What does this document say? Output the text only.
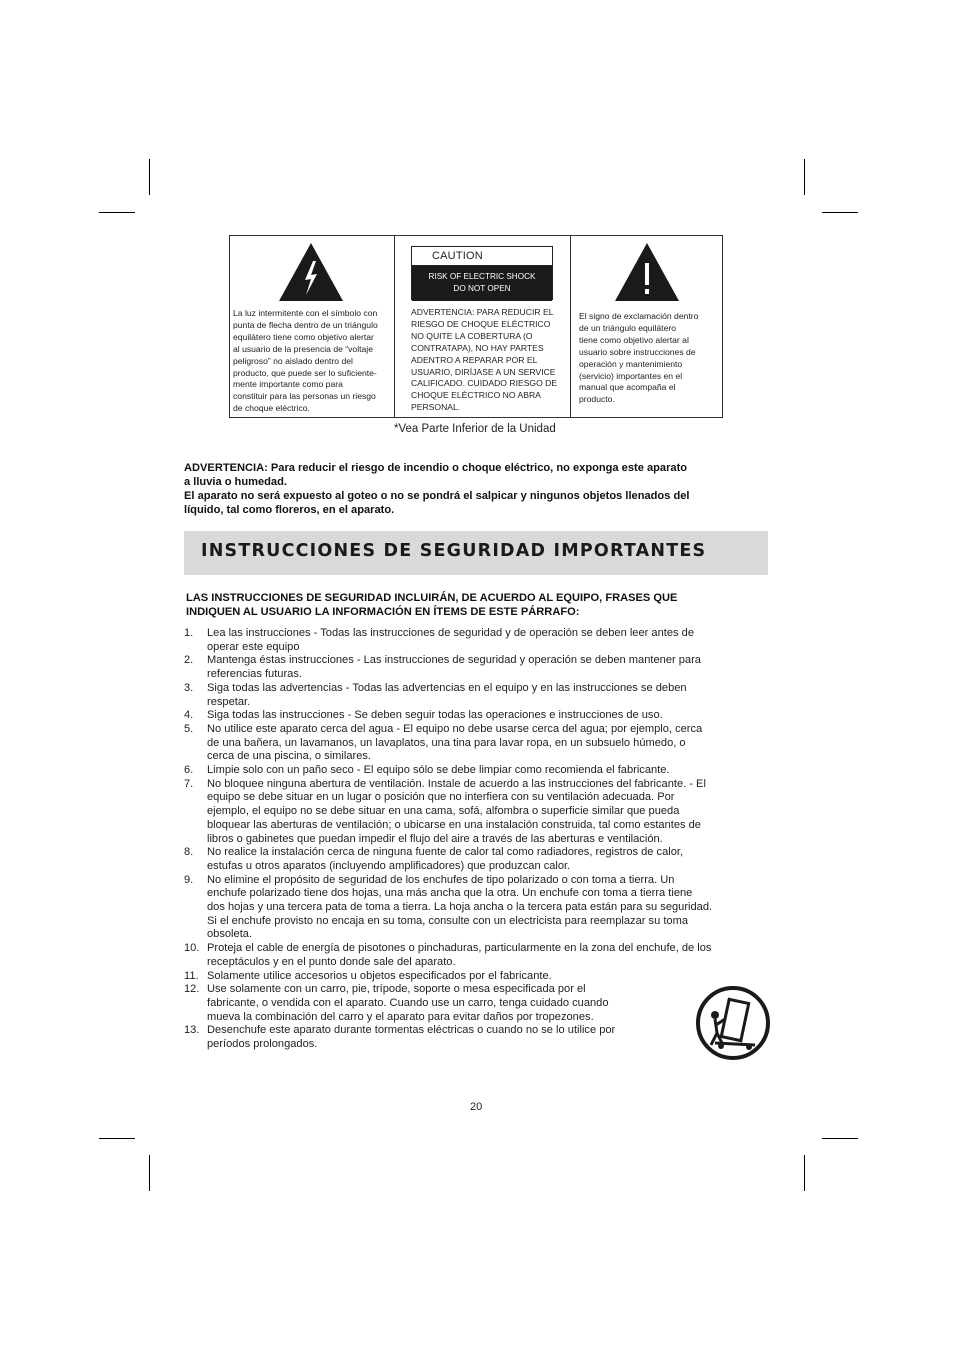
La luz intermitente con el símbolo con
punta de flecha dentro de un triángulo
equilátero tiene como objetivo alertar
al usuario de la presencia de “voltaje
peligroso” no aislado dentro del
producto, que puede ser lo suficiente-
mente importante como para
constituir para las personas un riesgo
de choque eléctrico.
CAUTION
RISK OF ELECTRIC SHOCK
DO NOT OPEN
ADVERTENCIA: PARA REDUCIR EL
RIESGO DE CHOQUE ELÉCTRICO
NO QUITE LA COBERTURA (O
CONTRATAPA), NO HAY PARTES
ADENTRO A REPARAR POR EL
USUARIO, DIRÍJASE A UN SERVICE
CALIFICADO. CUIDADO RIESGO DE
CHOQUE ELÉCTRICO NO ABRA
PERSONAL.
El signo de exclamación dentro
de un triángulo equilátero
tiene como objetivo alertar al
usuario sobre instrucciones de
operación y mantenimiento
(servicio) importantes en el
manual que acompaña el
producto.
*Vea Parte Inferior de la Unidad
ADVERTENCIA: Para reducir el riesgo de incendio o choque eléctrico, no exponga este aparato
a lluvia o humedad.
El aparato no será expuesto al goteo o no se pondrá el salpicar y ningunos objetos llenados del
líquido, tal como floreros, en el aparato.
INSTRUCCIONES DE SEGURIDAD IMPORTANTES
LAS INSTRUCCIONES DE SEGURIDAD INCLUIRÁN, DE ACUERDO AL EQUIPO, FRASES QUE
INDIQUEN AL USUARIO LA INFORMACIÓN EN ÍTEMS DE ESTE PÁRRAFO:
1. Lea las instrucciones - Todas las instrucciones de seguridad y de operación se deben leer antes de
operar este equipo
2. Mantenga éstas instrucciones - Las instrucciones de seguridad y operación se deben mantener para
referencias futuras.
3. Siga todas las advertencias - Todas las advertencias en el equipo y en las instrucciones se deben
respetar.
4. Siga todas las instrucciones - Se deben seguir todas las operaciones e instrucciones de uso.
5. No utilice este aparato cerca del agua - El equipo no debe usarse cerca del agua; por ejemplo, cerca
de una bañera, un lavamanos, un lavaplatos, una tina para lavar ropa, en un subsuelo húmedo, o
cerca de una piscina, o similares.
6. Limpie solo con un paño seco - El equipo sólo se debe limpiar como recomienda el fabricante.
7. No bloquee ninguna abertura de ventilación. Instale de acuerdo a las instrucciones del fabricante. - El
equipo se debe situar en un lugar o posición que no interfiera con su ventilación adecuada. Por
ejemplo, el equipo no se debe situar en una cama, sofá, alfombra o superficie similar que pueda
bloquear las aberturas de ventilación; o ubicarse en una instalación construida, tal como estantes de
libros o gabinetes que puedan impedir el flujo del aire a través de las aberturas e ventilación.
8. No realice la instalación cerca de ninguna fuente de calor tal como radiadores, registros de calor,
estufas u otros aparatos (incluyendo amplificadores) que produzcan calor.
9. No elimine el propósito de seguridad de los enchufes de tipo polarizado o con toma a tierra. Un
enchufe polarizado tiene dos hojas, una más ancha que la otra. Un enchufe con toma a tierra tiene
dos hojas y una tercera pata de toma a tierra. La hoja ancha o la tercera pata están para su seguridad.
Si el enchufe provisto no encaja en su toma, consulte con un electricista para reemplazar su toma
obsoleta.
10. Proteja el cable de energía de pisotones o pinchaduras, particularmente en la zona del enchufe, de los
receptáculos y en el punto donde sale del aparato.
11. Solamente utilice accesorios u objetos especificados por el fabricante.
12. Use solamente con un carro, pie, trípode, soporte o mesa especificada por el
fabricante, o vendida con el aparato. Cuando use un carro, tenga cuidado cuando
mueva la combinación del carro y el aparato para evitar daños por tropezones.
13. Desenchufe este aparato durante tormentas eléctricas o cuando no se lo utilice por
períodos prolongados.
20
